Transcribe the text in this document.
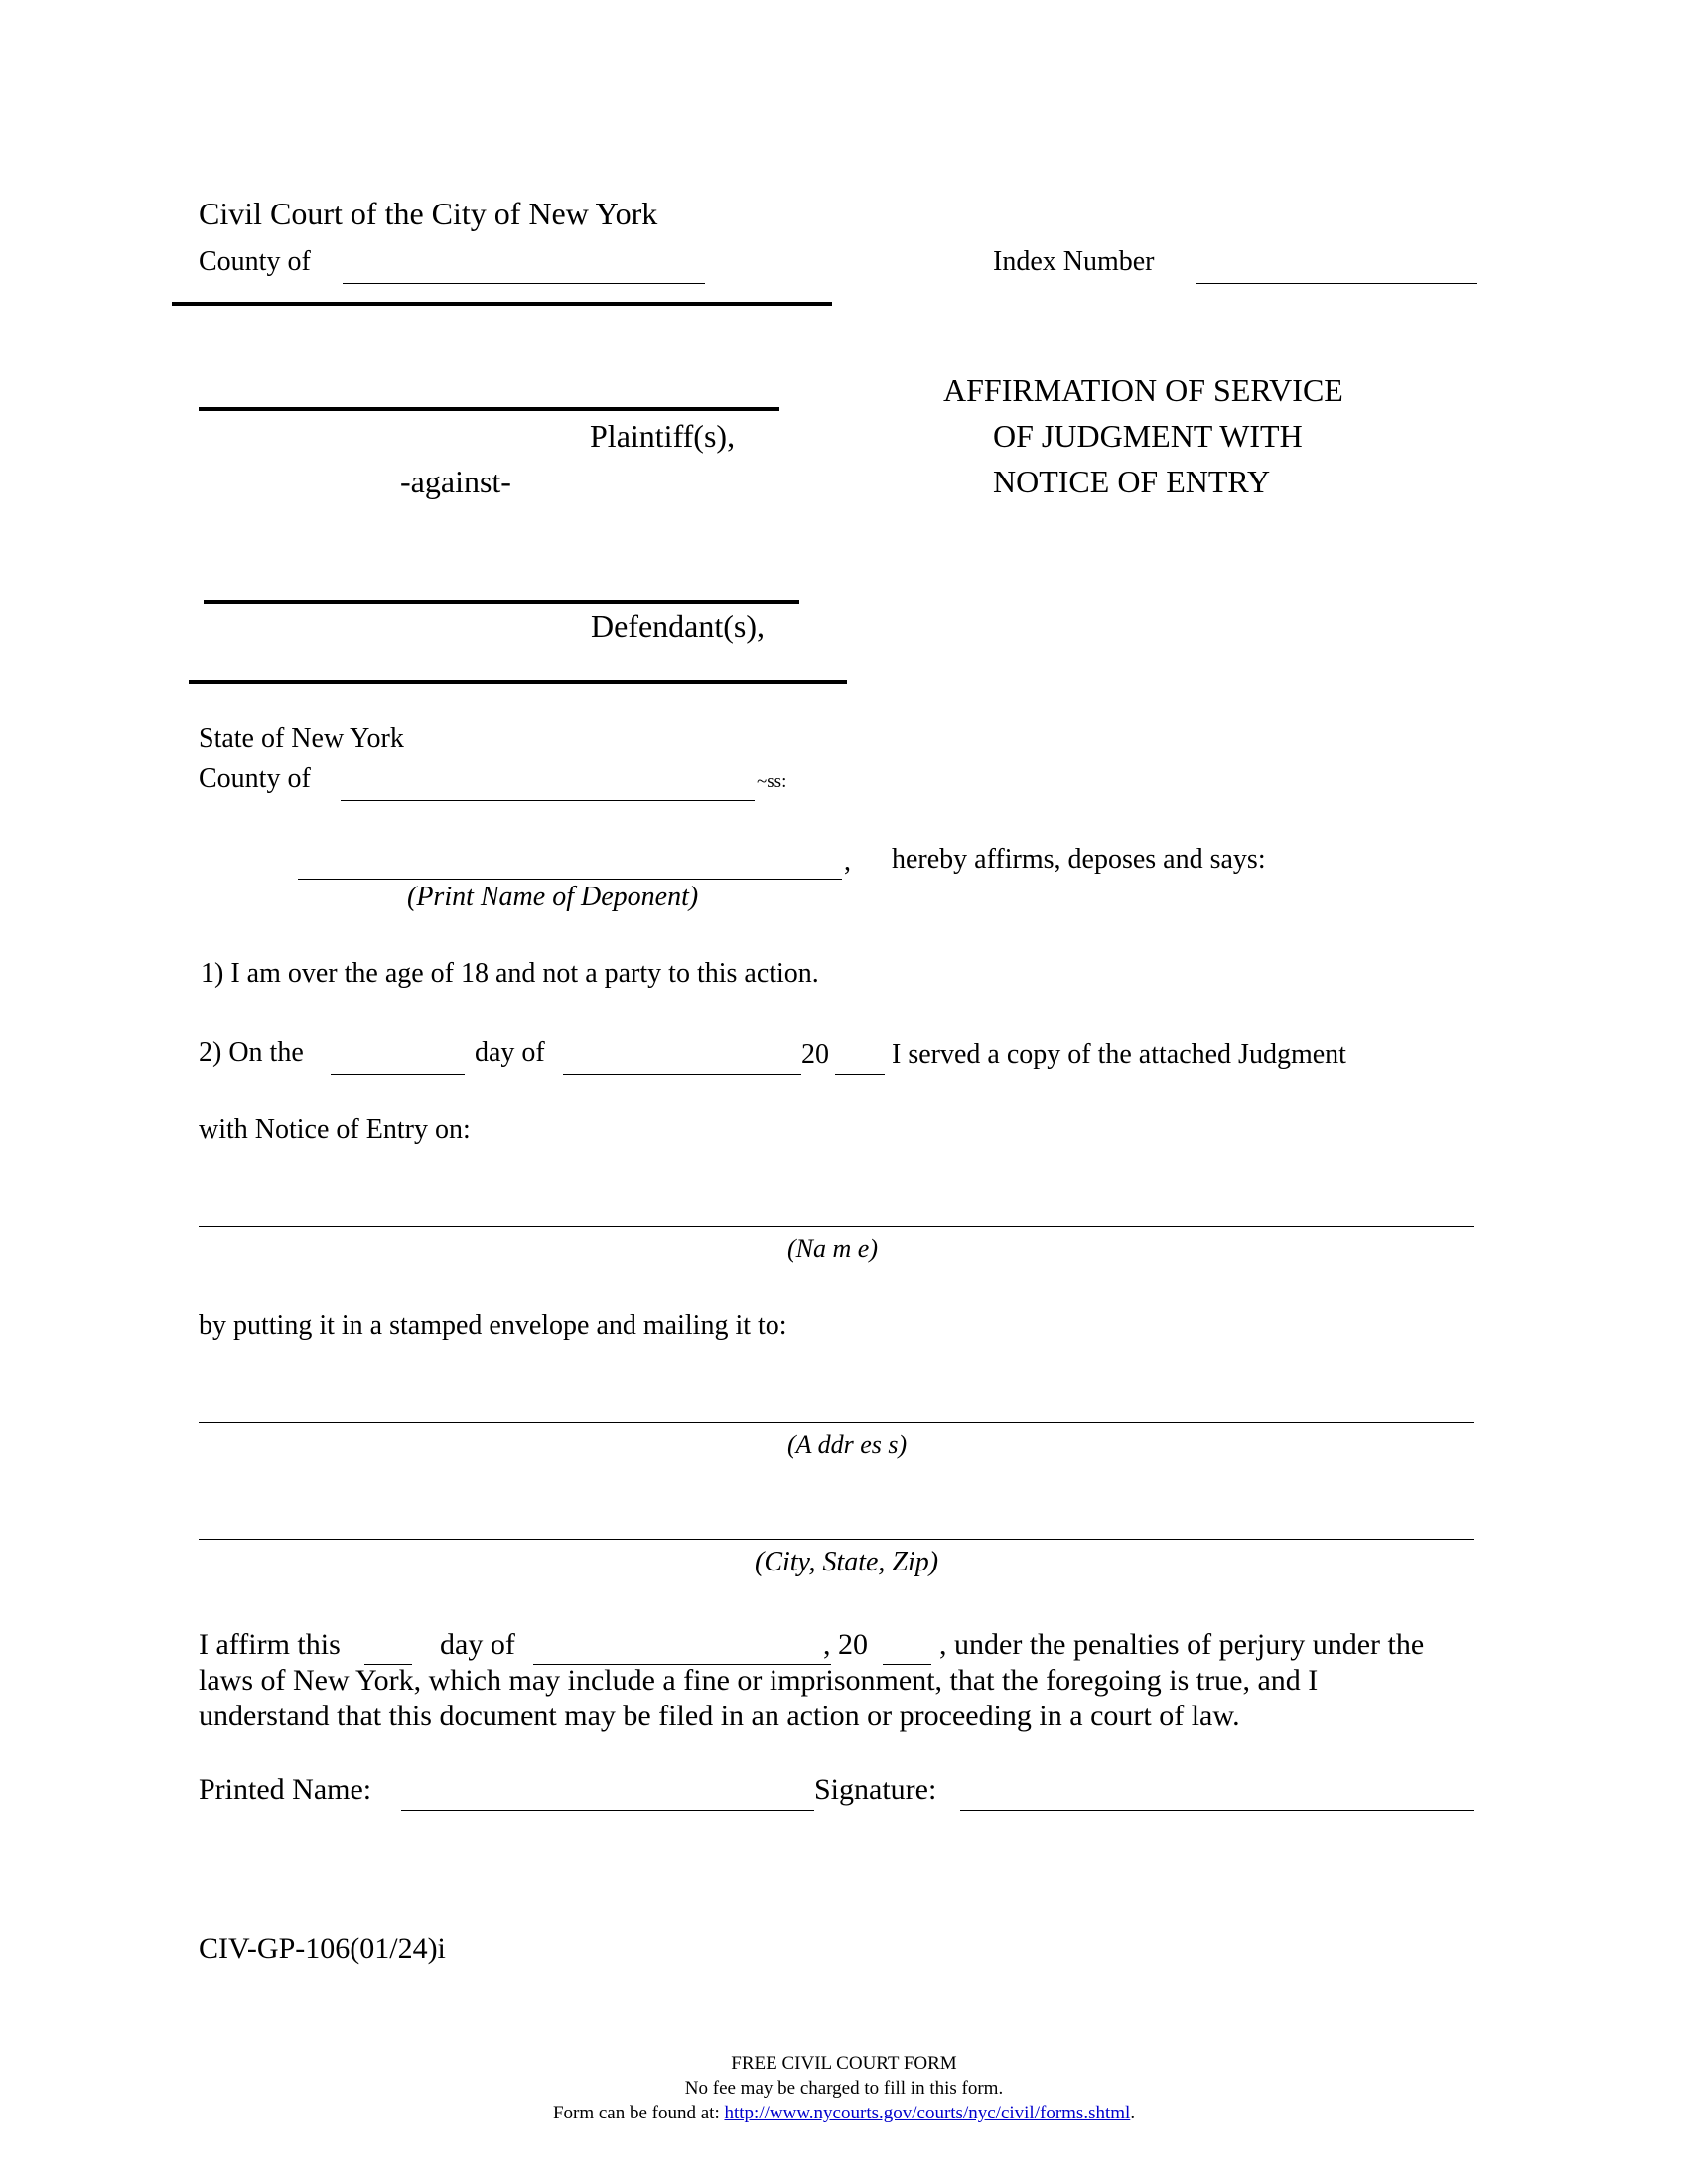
Civil Court of the City of New York
County of	Index Number
Plaintiff(s),
-against-
Defendant(s),
AFFIRMATION OF SERVICE
OF JUDGMENT WITH
NOTICE OF ENTRY
State of New York
County of	~ss:
, hereby affirms, deposes and says:
(Print Name of Deponent)
1) I am over the age of 18 and not a party to this action.
2) On the	day of	20 I served a copy of the attached Judgment
with Notice of Entry on:
(Na m e)
by putting it in a stamped envelope and mailing it to:
(A ddr es s)
(City, State, Zip)
I affirm this	day of	, 20 , under the penalties of perjury under the
laws of New York, which may include a fine or imprisonment, that the foregoing is true, and I
understand that this document may be filed in an action or proceeding in a court of law.
Printed Name:	Signature:
CIV-GP-106(01/24)i
FREE CIVIL COURT FORM
No fee may be charged to fill in this form.
Form can be found at: http://www.nycourts.gov/courts/nyc/civil/forms.shtml.
